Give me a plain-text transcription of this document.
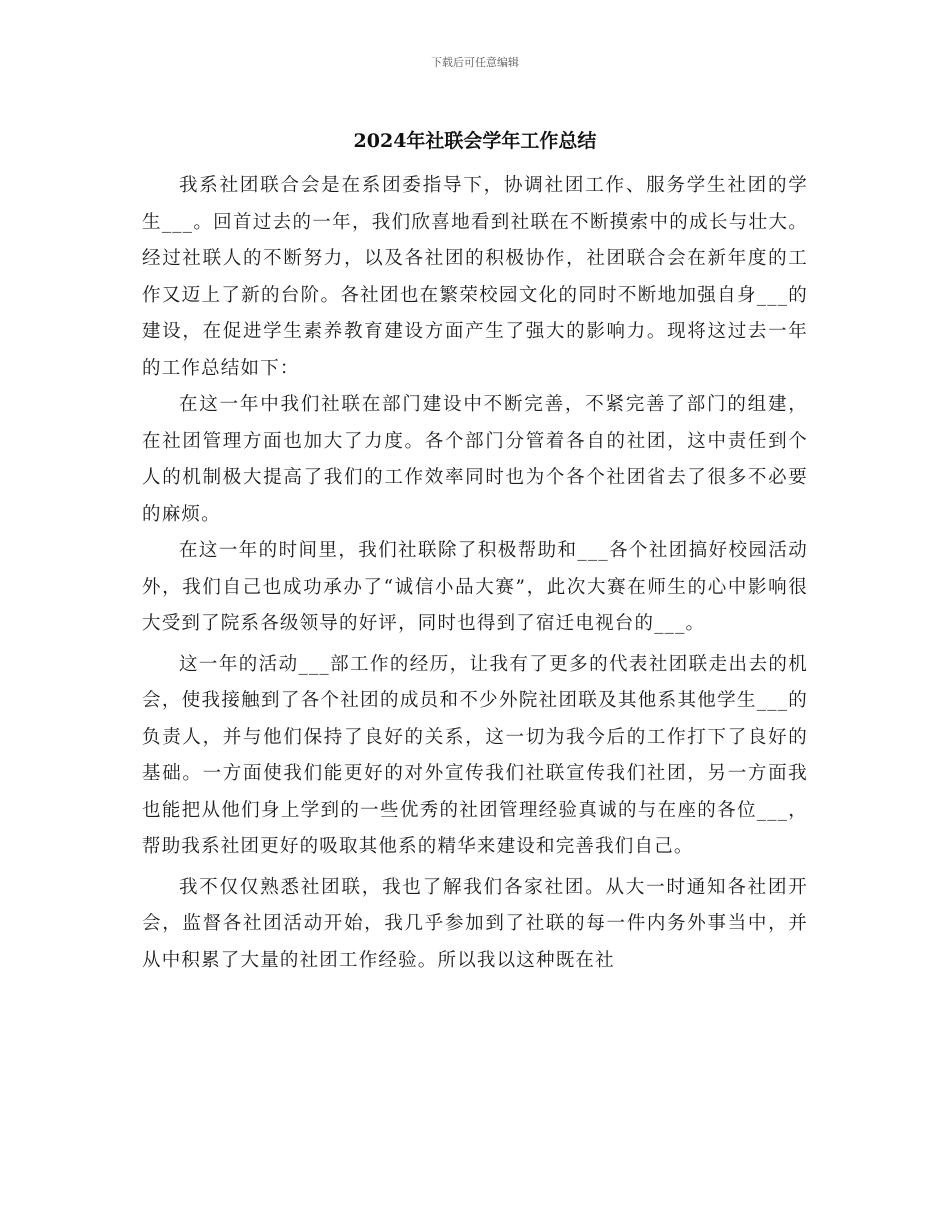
下载后可任意编辑
2024年社联会学年工作总结

我系社团联合会是在系团委指导下，协调社团工作、服务学生社团的学生___。回首过去的一年，我们欣喜地看到社联在不断摸索中的成长与壮大。经过社联人的不断努力，以及各社团的积极协作，社团联合会在新年度的工作又迈上了新的台阶。各社团也在繁荣校园文化的同时不断地加强自身___的建设，在促进学生素养教育建设方面产生了强大的影响力。现将这过去一年的工作总结如下：

在这一年中我们社联在部门建设中不断完善，不紧完善了部门的组建，在社团管理方面也加大了力度。各个部门分管着各自的社团，这中责任到个人的机制极大提高了我们的工作效率同时也为个各个社团省去了很多不必要的麻烦。

在这一年的时间里，我们社联除了积极帮助和___各个社团搞好校园活动外，我们自己也成功承办了“诚信小品大赛”，此次大赛在师生的心中影响很大受到了院系各级领导的好评，同时也得到了宿迁电视台的___。

这一年的活动___部工作的经历，让我有了更多的代表社团联走出去的机会，使我接触到了各个社团的成员和不少外院社团联及其他系其他学生___的负责人，并与他们保持了良好的关系，这一切为我今后的工作打下了良好的基础。一方面使我们能更好的对外宣传我们社联宣传我们社团，另一方面我也能把从他们身上学到的一些优秀的社团管理经验真诚的与在座的各位___，帮助我系社团更好的吸取其他系的精华来建设和完善我们自己。

我不仅仅熟悉社团联，我也了解我们各家社团。从大一时通知各社团开会，监督各社团活动开始，我几乎参加到了社联的每一件内务外事当中，并从中积累了大量的社团工作经验。所以我以这种既在社
